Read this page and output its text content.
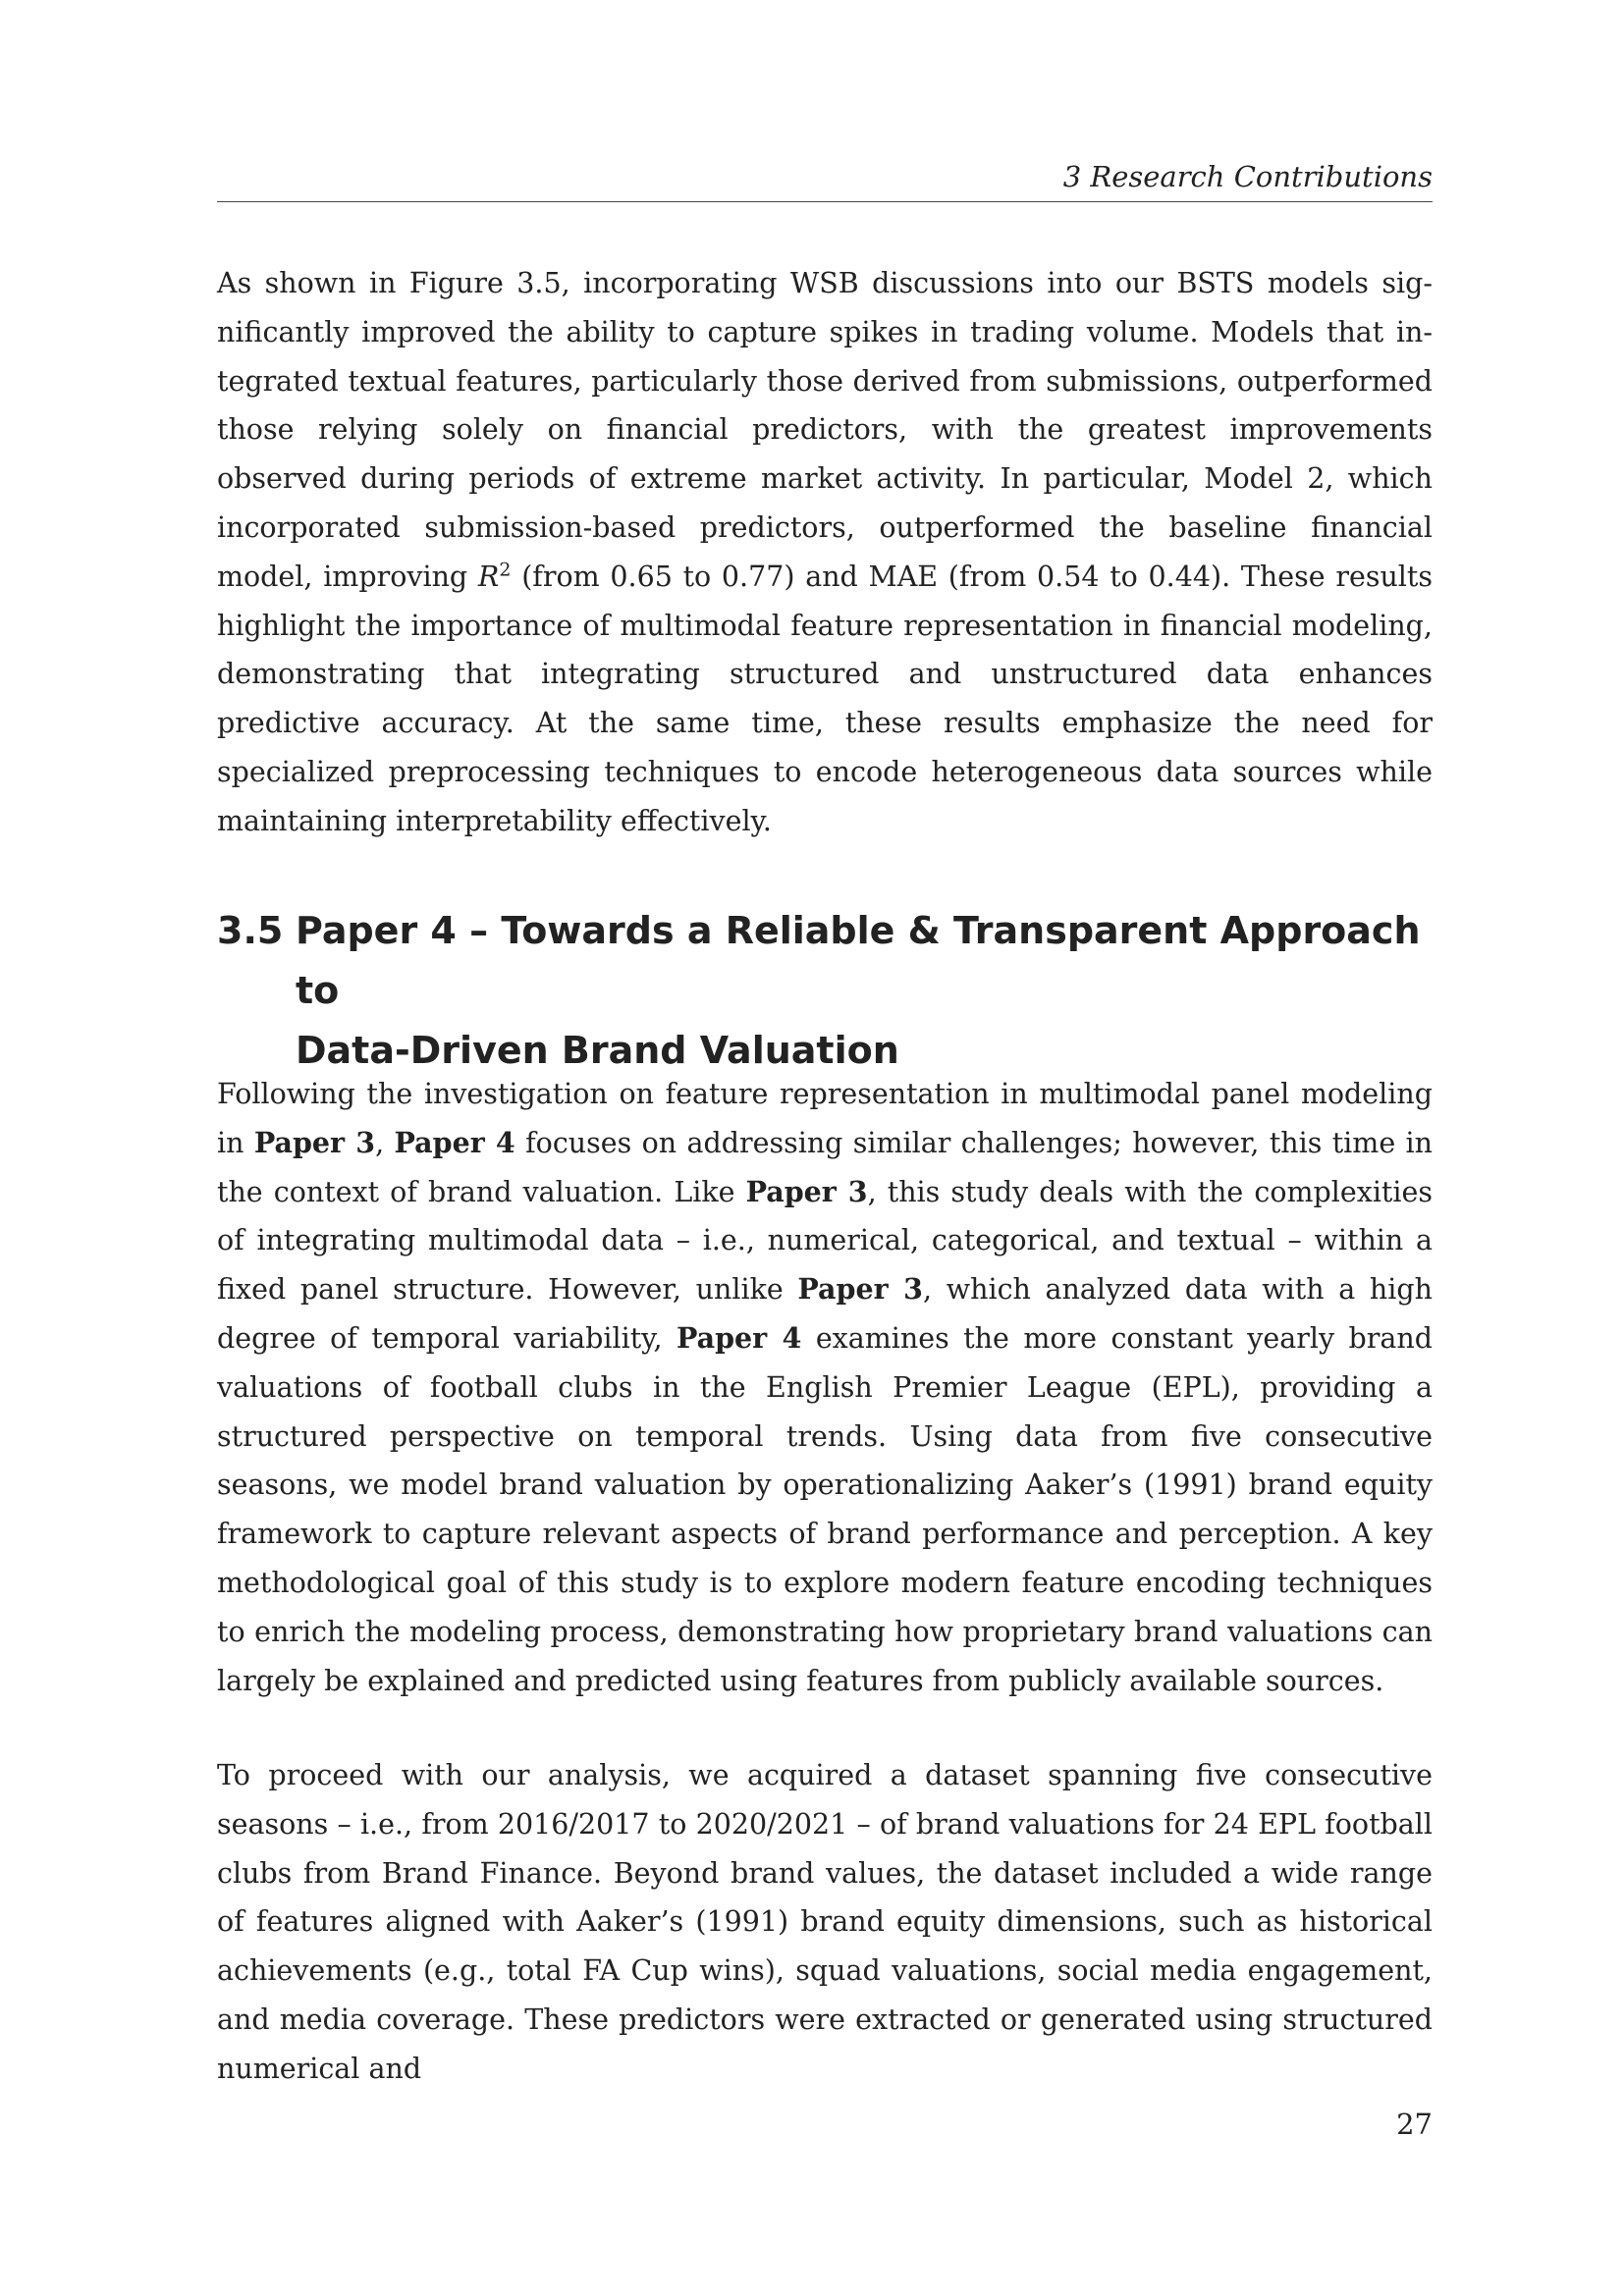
3 Research Contributions

As shown in Figure 3.5, incorporating WSB discussions into our BSTS models significantly improved the ability to capture spikes in trading volume. Models that integrated textual features, particularly those derived from submissions, outperformed those relying solely on financial predictors, with the greatest improvements observed during periods of extreme market activity. In particular, Model 2, which incorporated submission-based predictors, outperformed the baseline financial model, improving $R^2$ (from 0.65 to 0.77) and MAE (from 0.54 to 0.44). These results highlight the importance of multimodal feature representation in financial modeling, demonstrating that integrating structured and unstructured data enhances predictive accuracy. At the same time, these results emphasize the need for specialized preprocessing techniques to encode heterogeneous data sources while maintaining interpretability effectively.

3.5 Paper 4 – Towards a Reliable & Transparent Approach to
Data-Driven Brand Valuation

Following the investigation on feature representation in multimodal panel modeling in Paper 3, Paper 4 focuses on addressing similar challenges; however, this time in the context of brand valuation. Like Paper 3, this study deals with the complexities of integrating multimodal data – i.e., numerical, categorical, and textual – within a fixed panel structure. However, unlike Paper 3, which analyzed data with a high degree of temporal variability, Paper 4 examines the more constant yearly brand valuations of football clubs in the English Premier League (EPL), providing a structured perspective on temporal trends. Using data from five consecutive seasons, we model brand valuation by operationalizing Aaker’s (1991) brand equity framework to capture relevant aspects of brand performance and perception. A key methodological goal of this study is to explore modern feature encoding techniques to enrich the modeling process, demonstrating how proprietary brand valuations can largely be explained and predicted using features from publicly available sources.

To proceed with our analysis, we acquired a dataset spanning five consecutive seasons – i.e., from 2016/2017 to 2020/2021 – of brand valuations for 24 EPL football clubs from Brand Finance. Beyond brand values, the dataset included a wide range of features aligned with Aaker’s (1991) brand equity dimensions, such as historical achievements (e.g., total FA Cup wins), squad valuations, social media engagement, and media coverage. These predictors were extracted or generated using structured numerical and

27
